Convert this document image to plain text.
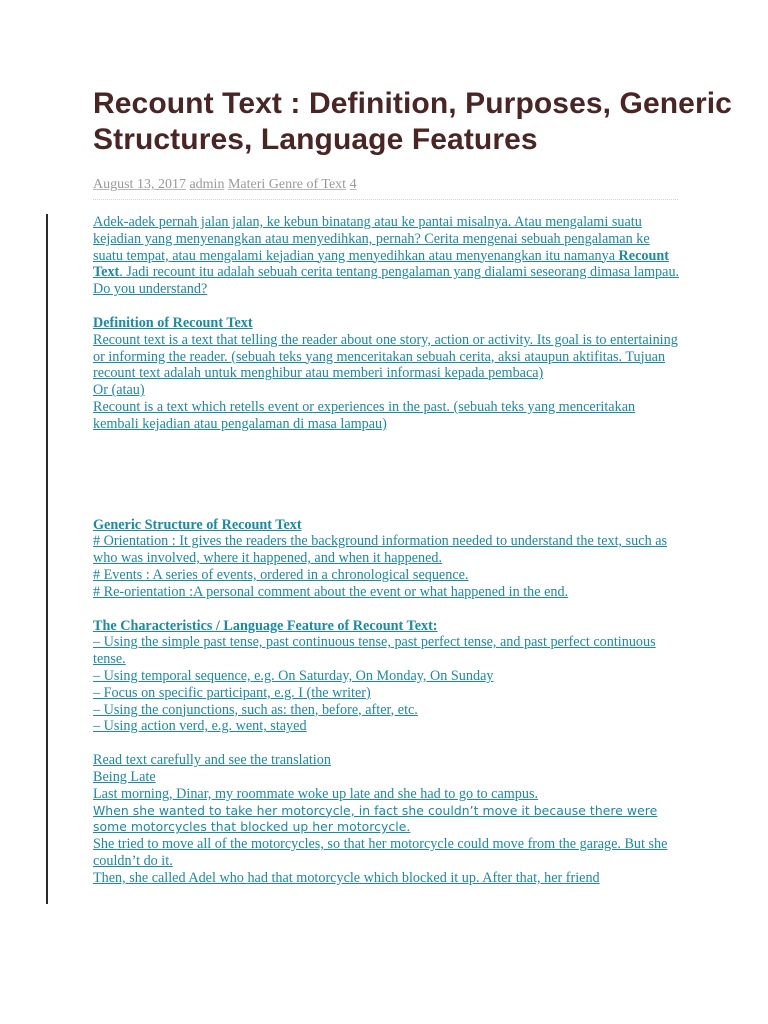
Recount Text : Definition, Purposes, Generic Structures, Language Features
August 13, 2017 admin Materi Genre of Text 4

Adek-adek pernah jalan jalan, ke kebun binatang atau ke pantai misalnya. Atau mengalami suatu kejadian yang menyenangkan atau menyedihkan, pernah? Cerita mengenai sebuah pengalaman ke suatu tempat, atau mengalami kejadian yang menyedihkan atau menyenangkan itu namanya Recount Text. Jadi recount itu adalah sebuah cerita tentang pengalaman yang dialami seseorang dimasa lampau. Do you understand?

Definition of Recount Text

Recount text is a text that telling the reader about one story, action or activity. Its goal is to entertaining or informing the reader. (sebuah teks yang menceritakan sebuah cerita, aksi ataupun aktifitas. Tujuan recount text adalah untuk menghibur atau memberi informasi kepada pembaca)

Or (atau)

Recount is a text which retells event or experiences in the past. (sebuah teks yang menceritakan kembali kejadian atau pengalaman di masa lampau)

Generic Structure of Recount Text

# Orientation : It gives the readers the background information needed to understand the text, such as who was involved, where it happened, and when it happened.

# Events : A series of events, ordered in a chronological sequence.

# Re-orientation :A personal comment about the event or what happened in the end.

The Characteristics / Language Feature of Recount Text:

– Using the simple past tense, past continuous tense, past perfect tense, and past perfect continuous tense.

– Using temporal sequence, e.g. On Saturday, On Monday, On Sunday

– Focus on specific participant, e.g. I (the writer)

– Using the conjunctions, such as: then, before, after, etc.

– Using action verd, e.g. went, stayed

Read text carefully and see the translation

Being Late

Last morning, Dinar, my roommate woke up late and she had to go to campus.

When she wanted to take her motorcycle, in fact she couldn’t move it because there were some motorcycles that blocked up her motorcycle.

She tried to move all of the motorcycles, so that her motorcycle could move from the garage. But she couldn’t do it.

Then, she called Adel who had that motorcycle which blocked it up. After that, her friend
